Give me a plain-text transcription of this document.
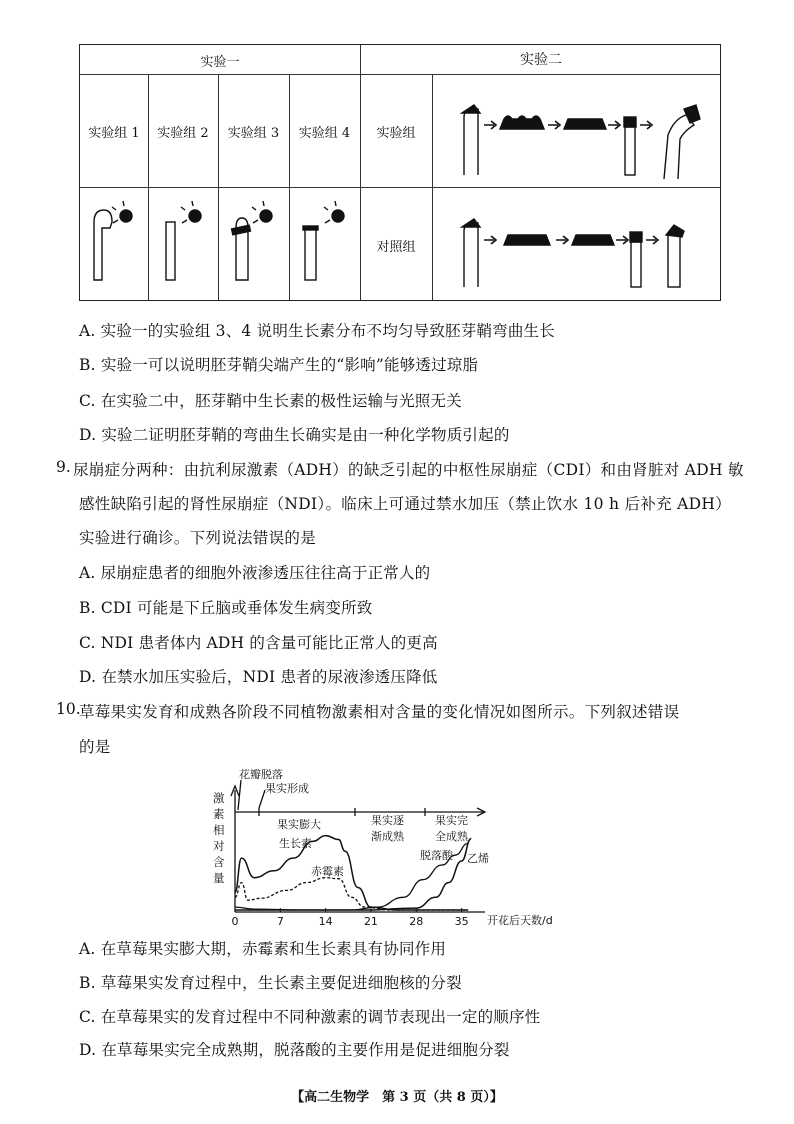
实验一	实验二
实验组 1	实验组 2	实验组 3	实验组 4	实验组
对照组
A. 实验一的实验组 3、4 说明生长素分布不均匀导致胚芽鞘弯曲生长
B. 实验一可以说明胚芽鞘尖端产生的“影响”能够透过琼脂
C. 在实验二中，胚芽鞘中生长素的极性运输与光照无关
D. 实验二证明胚芽鞘的弯曲生长确实是由一种化学物质引起的
9. 尿崩症分两种：由抗利尿激素（ADH）的缺乏引起的中枢性尿崩症（CDI）和由肾脏对 ADH 敏
感性缺陷引起的肾性尿崩症（NDI）。临床上可通过禁水加压（禁止饮水 10 h 后补充 ADH）
实验进行确诊。下列说法错误的是
A. 尿崩症患者的细胞外液渗透压往往高于正常人的
B. CDI 可能是下丘脑或垂体发生病变所致
C. NDI 患者体内 ADH 的含量可能比正常人的更高
D. 在禁水加压实验后，NDI 患者的尿液渗透压降低
10.
草莓果实发育和成熟各阶段不同植物激素相对含量的变化情况如图所示。下列叙述错误
的是
激
素
相
对
含
量
花瓣脱落
果实形成
果实膨大	果实逐
渐成熟
果实完
全成熟
0	7	14	21	28	35
生长素
赤霉素
脱落酸 乙烯
开花后天数/d
A. 在草莓果实膨大期，赤霉素和生长素具有协同作用
B. 草莓果实发育过程中，生长素主要促进细胞核的分裂
C. 在草莓果实的发育过程中不同种激素的调节表现出一定的顺序性
D. 在草莓果实完全成熟期，脱落酸的主要作用是促进细胞分裂
【高二生物学　第 3 页（共 8 页）】
